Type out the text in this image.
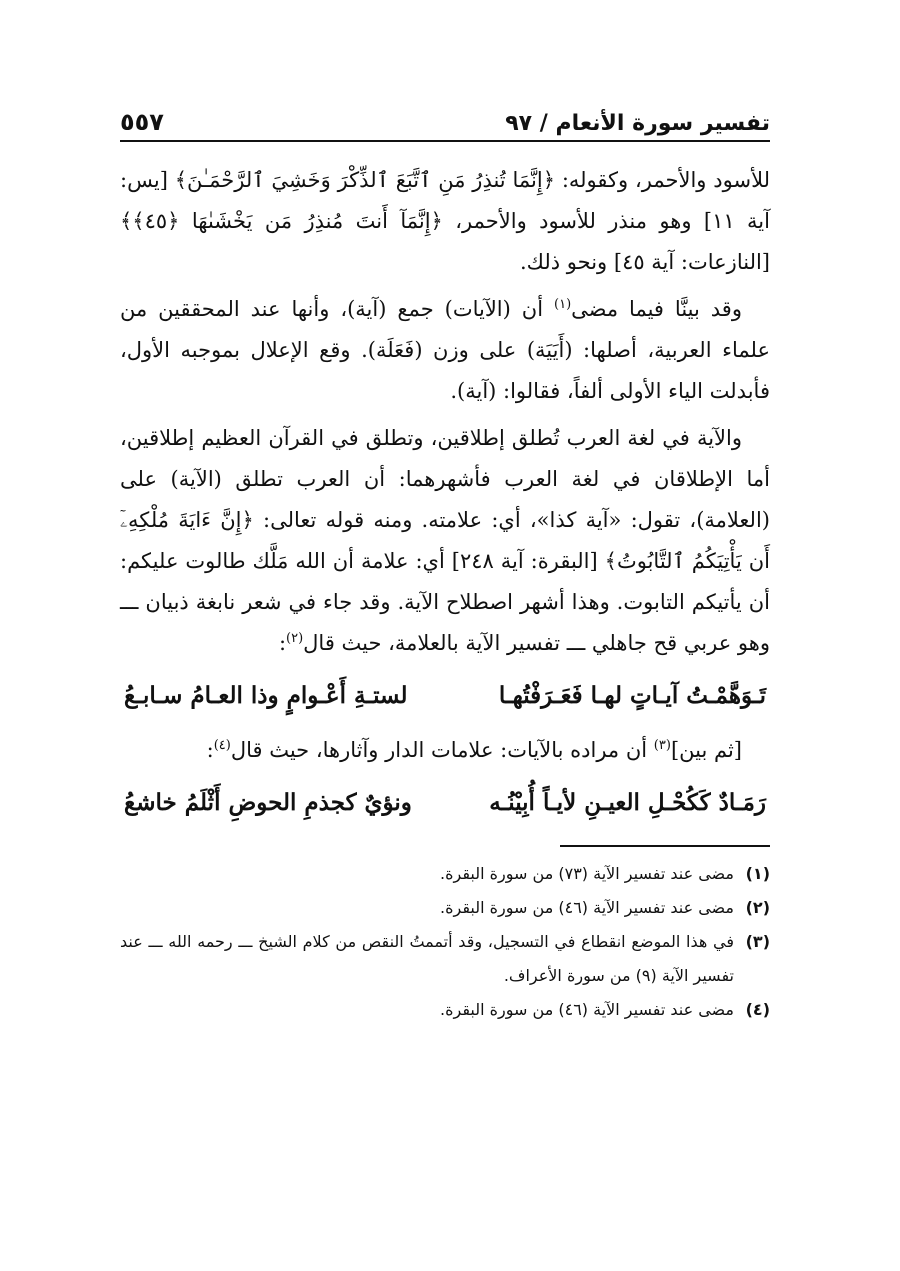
تفسير سورة الأنعام / ٩٧
٥٥٧

للأسود والأحمر، وكقوله: ﴿إِنَّمَا تُنذِرُ مَنِ ٱتَّبَعَ ٱلذِّكْرَ وَخَشِيَ ٱلرَّحْمَـٰنَ﴾ [يس: آية ١١] وهو منذر للأسود والأحمر، ﴿إِنَّمَآ أَنتَ مُنذِرُ مَن يَخْشَىٰهَا ﴿٤٥﴾﴾ [النازعات: آية ٤٥] ونحو ذلك.

وقد بينَّا فيما مضى$^{(١)}$ أن (الآيات) جمع (آية)، وأنها عند المحققين من علماء العربية، أصلها: (أَيَيَة) على وزن (فَعَلَة). وقع الإعلال بموجبه الأول، فأبدلت الياء الأولى ألفاً، فقالوا: (آية).

والآية في لغة العرب تُطلق إطلاقين، وتطلق في القرآن العظيم إطلاقين، أما الإطلاقان في لغة العرب فأشهرهما: أن العرب تطلق (الآية) على (العلامة)، تقول: «آية كذا»، أي: علامته. ومنه قوله تعالى: ﴿إِنَّ ءَايَةَ مُلْكِهِۦٓ أَن يَأْتِيَكُمُ ٱلتَّابُوتُ﴾ [البقرة: آية ٢٤٨] أي: علامة أن الله مَلَّك طالوت عليكم: أن يأتيكم التابوت. وهذا أشهر اصطلاح الآية. وقد جاء في شعر نابغة ذبيان ـــ وهو عربي قح جاهلي ـــ تفسير الآية بالعلامة، حيث قال$^{(٢)}$:

تَـوَهَّمْـتُ آيـاتٍ لهـا فَعَـرَفْتُهـا
لستـةِ أَعْـوامٍ وذا العـامُ سـابـعُ

[ثم بين]$^{(٣)}$ أن مراده بالآيات: علامات الدار وآثارها، حيث قال$^{(٤)}$:

رَمَـادٌ كَكُحْـلِ العيـنِ لأيـاً أُبِيْنُـه
ونؤيٌ كجذمِ الحوضِ أَثْلَمُ خاشعُ
(١)
مضى عند تفسير الآية (٧٣) من سورة البقرة.
(٢)
مضى عند تفسير الآية (٤٦) من سورة البقرة.
(٣)
في هذا الموضع انقطاع في التسجيل، وقد أتممتُ النقص من كلام الشيخ ـــ رحمه الله ـــ عند تفسير الآية (٩) من سورة الأعراف.
(٤)
مضى عند تفسير الآية (٤٦) من سورة البقرة.
